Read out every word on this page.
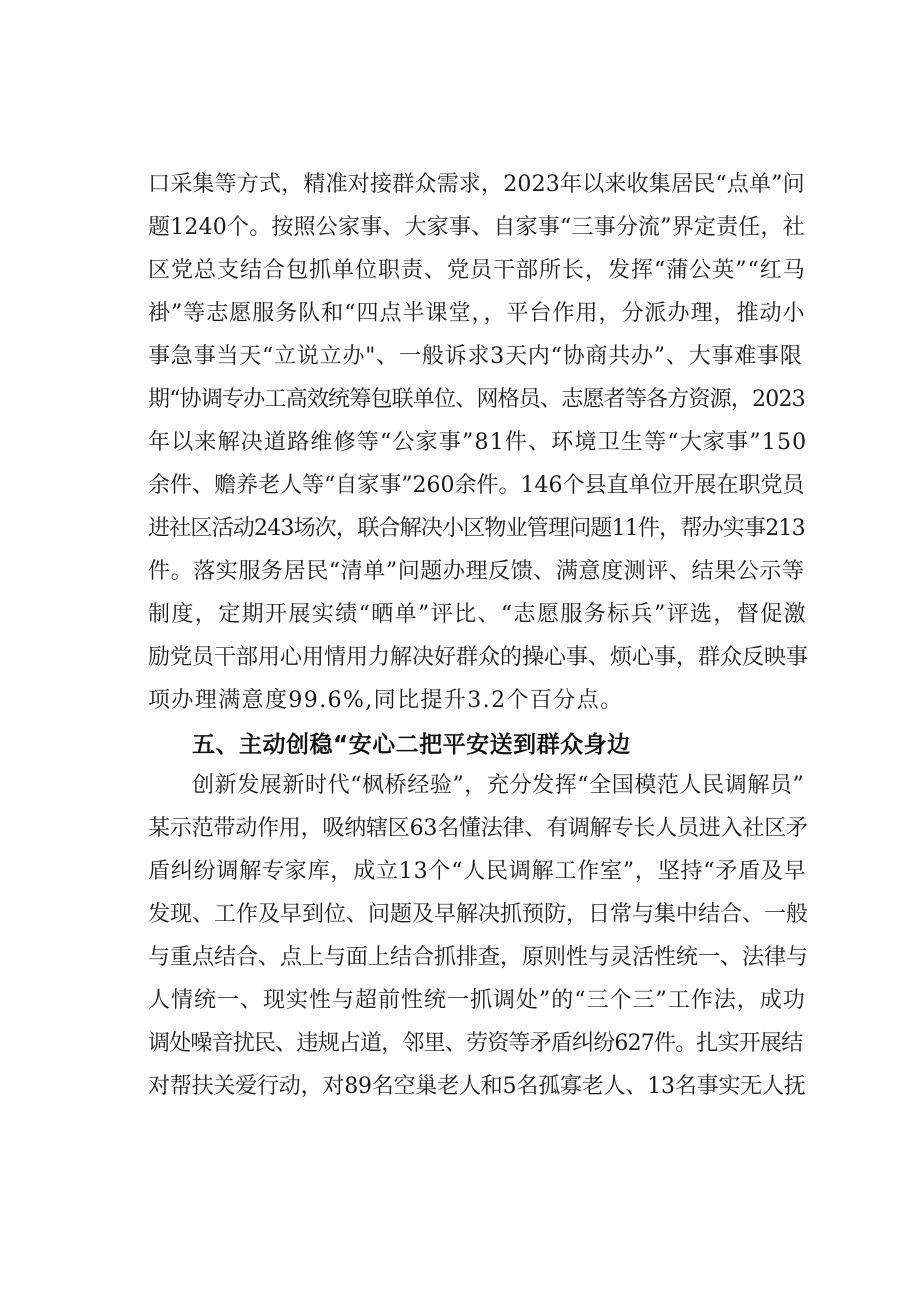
口采集等方式，精准对接群众需求，2023年以来收集居民“点单”问
题1240个。按照公家事、大家事、自家事“三事分流”界定责任，社
区党总支结合包抓单位职责、党员干部所长，发挥“蒲公英”“红马
褂”等志愿服务队和“四点半课堂，，平台作用，分派办理，推动小
事急事当天“立说立办"、一般诉求3天内“协商共办”、大事难事限
期“协调专办工高效统筹包联单位、网格员、志愿者等各方资源，2023
年以来解决道路维修等“公家事”81件、环境卫生等“大家事”150
余件、赡养老人等“自家事”260余件。146个县直单位开展在职党员
进社区活动243场次，联合解决小区物业管理问题11件，帮办实事213
件。落实服务居民“清单”问题办理反馈、满意度测评、结果公示等
制度，定期开展实绩“晒单”评比、“志愿服务标兵”评选，督促激
励党员干部用心用情用力解决好群众的操心事、烦心事，群众反映事
项办理满意度99.6%,同比提升3.2个百分点。
五、主动创稳“安心二把平安送到群众身边
创新发展新时代“枫桥经验”，充分发挥“全国模范人民调解员”
某示范带动作用，吸纳辖区63名懂法律、有调解专长人员进入社区矛
盾纠纷调解专家库，成立13个“人民调解工作室”，坚持“矛盾及早
发现、工作及早到位、问题及早解决抓预防，日常与集中结合、一般
与重点结合、点上与面上结合抓排查，原则性与灵活性统一、法律与
人情统一、现实性与超前性统一抓调处”的“三个三”工作法，成功
调处噪音扰民、违规占道，邻里、劳资等矛盾纠纷627件。扎实开展结
对帮扶关爱行动，对89名空巢老人和5名孤寡老人、13名事实无人抚
